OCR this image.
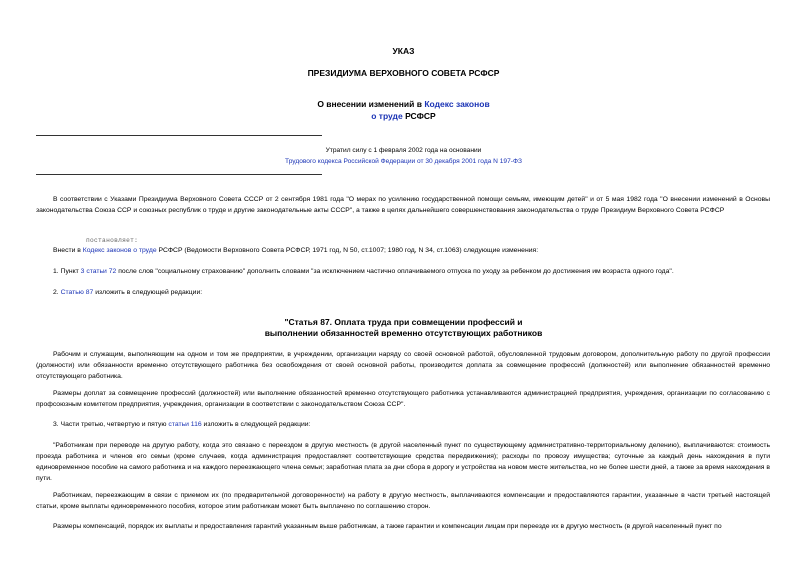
УКАЗ
ПРЕЗИДИУМА ВЕРХОВНОГО СОВЕТА РСФСР
О внесении изменений в Кодекс законов
о труде РСФСР
Утратил силу с 1 февраля 2002 года на основании
Трудового кодекса Российской Федерации от 30 декабря 2001 года N 197-ФЗ
В соответствии с Указами Президиума Верховного Совета СССР от 2 сентября 1981 года "О мерах по усилению государственной помощи семьям, имеющим детей" и от 5 мая 1982 года "О внесении изменений в Основы законодательства Союза ССР и союзных республик о труде и другие законодательные акты СССР", а также в целях дальнейшего совершенствования законодательства о труде Президиум Верховного Совета РСФСР
постановляет:
Внести в Кодекс законов о труде РСФСР (Ведомости Верховного Совета РСФСР, 1971 год, N 50, ст.1007; 1980 год, N 34, ст.1063) следующие изменения:
1. Пункт 3 статьи 72 после слов "социальному страхованию" дополнить словами "за исключением частично оплачиваемого отпуска по уходу за ребенком до достижения им возраста одного года".
2. Статью 87 изложить в следующей редакции:
"Статья 87. Оплата труда при совмещении профессий и
выполнении обязанностей временно отсутствующих работников
Рабочим и служащим, выполняющим на одном и том же предприятии, в учреждении, организации наряду со своей основной работой, обусловленной трудовым договором, дополнительную работу по другой профессии (должности) или обязанности временно отсутствующего работника без освобождения от своей основной работы, производится доплата за совмещение профессий (должностей) или выполнение обязанностей временно отсутствующего работника.
Размеры доплат за совмещение профессий (должностей) или выполнение обязанностей временно отсутствующего работника устанавливаются администрацией предприятия, учреждения, организации по согласованию с профсоюзным комитетом предприятия, учреждения, организации в соответствии с законодательством Союза ССР".
3. Части третью, четвертую и пятую статьи 116 изложить в следующей редакции:
"Работникам при переводе на другую работу, когда это связано с переездом в другую местность (в другой населенный пункт по существующему административно-территориальному делению), выплачиваются: стоимость проезда работника и членов его семьи (кроме случаев, когда администрация предоставляет соответствующие средства передвижения); расходы по провозу имущества; суточные за каждый день нахождения в пути единовременное пособие на самого работника и на каждого переезжающего члена семьи; заработная плата за дни сбора в дорогу и устройства на новом месте жительства, но не более шести дней, а также за время нахождения в пути.
Работникам, переезжающим в связи с приемом их (по предварительной договоренности) на работу в другую местность, выплачиваются компенсации и предоставляются гарантии, указанные в части третьей настоящей статьи, кроме выплаты единовременного пособия, которое этим работникам может быть выплачено по соглашению сторон.
Размеры компенсаций, порядок их выплаты и предоставления гарантий указанным выше работникам, а также гарантии и компенсации лицам при переезде их в другую местность (в другой населенный пункт по
